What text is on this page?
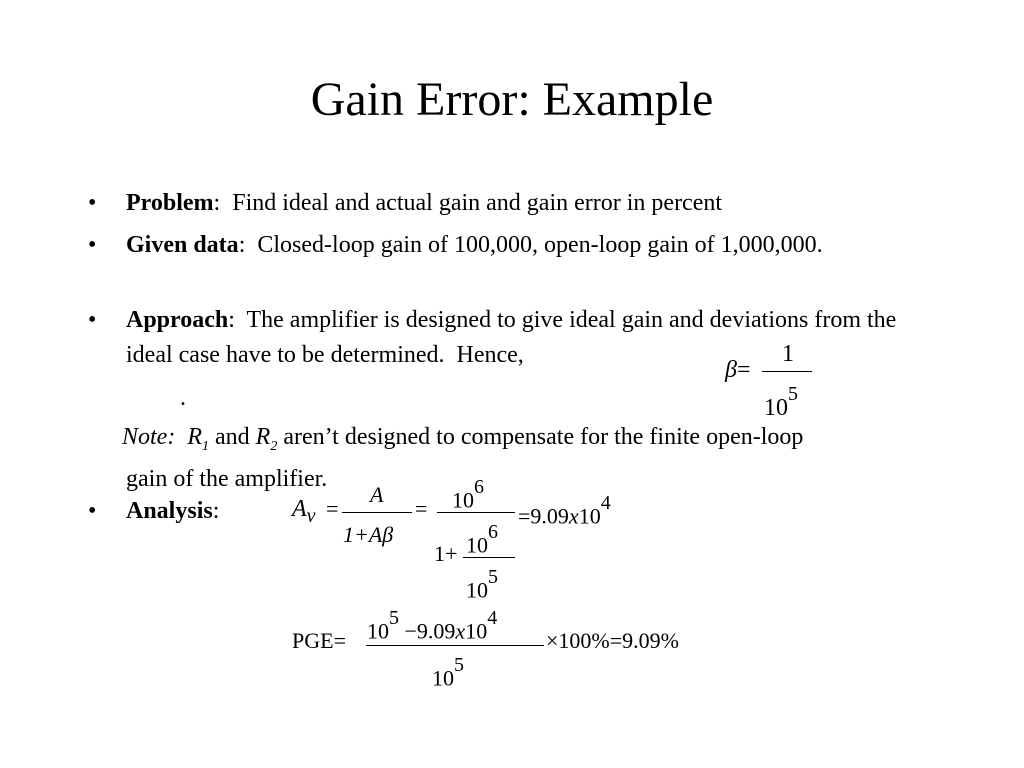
Gain Error: Example
• Problem:  Find ideal and actual gain and gain error in percent
• Given data:  Closed-loop gain of 100,000, open-loop gain of 1,000,000.
• Approach:  The amplifier is designed to give ideal gain and deviations from the ideal case have to be determined.  Hence,
.
β=
1
$10^5$
Note: $R_1$ and $R_2$ aren’t designed to compensate for the finite open-loop
gain of the amplifier.
• Analysis:	$A_v$ =
A
1+Aβ
= $10^6$
$1+ 10^6$
$10^5$
$=9.09x10^4$
$PGE= 10^5 -9.09x10^4$
$10^5$
×100%=9.09%
